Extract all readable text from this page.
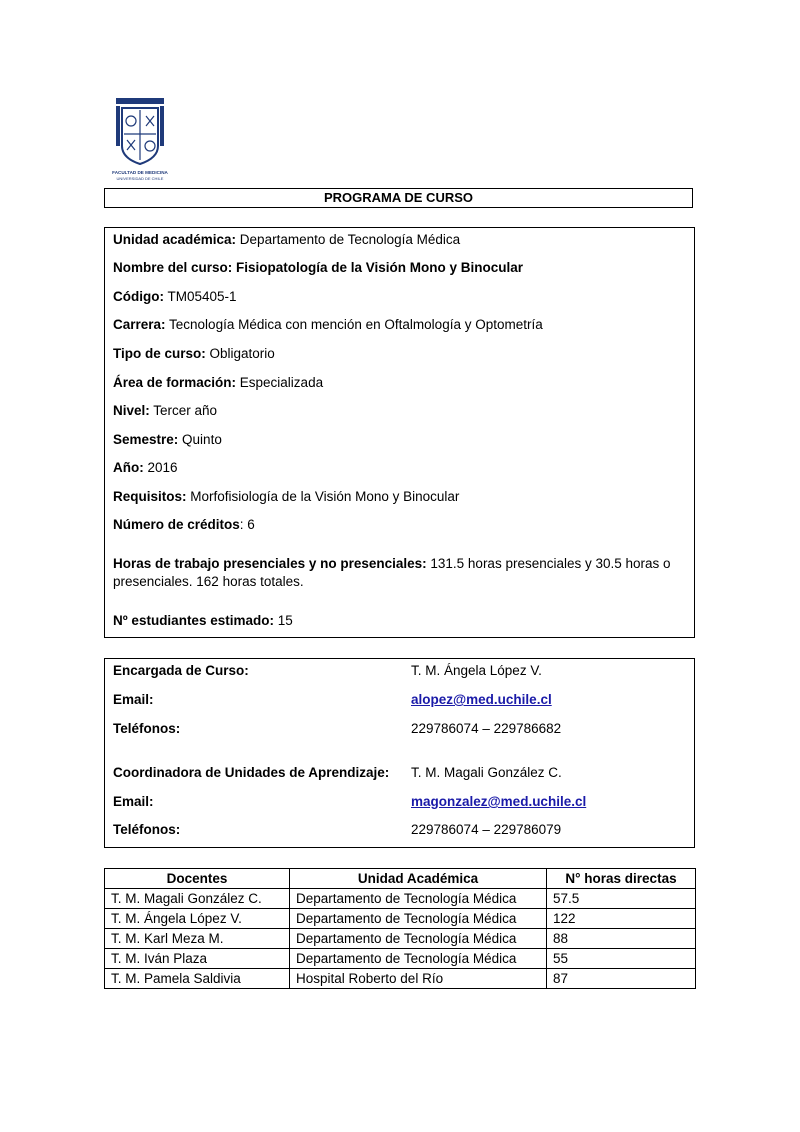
FACULTAD DE MEDICINA
UNIVERSIDAD DE CHILE
PROGRAMA DE CURSO
Unidad académica: Departamento de Tecnología Médica
Nombre del curso: Fisiopatología de la Visión Mono y Binocular
Código: TM05405-1
Carrera: Tecnología Médica con mención en Oftalmología y Optometría
Tipo de curso: Obligatorio
Área de formación: Especializada
Nivel: Tercer año
Semestre: Quinto
Año: 2016
Requisitos: Morfofisiología de la Visión Mono y Binocular
Número de créditos: 6
Horas de trabajo presenciales y no presenciales: 131.5 horas presenciales y 30.5 horas o
presenciales. 162 horas totales.
Nº estudiantes estimado: 15
Encargada de Curso:	T. M. Ángela López V.
Email:	alopez@med.uchile.cl
Teléfonos:	229786074 – 229786682
Coordinadora de Unidades de Aprendizaje: T. M. Magali González C.
Email:	magonzalez@med.uchile.cl
Teléfonos:	229786074 – 229786079
Docentes	Unidad Académica	N° horas directas
T. M. Magali González C.	Departamento de Tecnología Médica	57.5
T. M. Ángela López V.	Departamento de Tecnología Médica	122
T. M. Karl Meza M.	Departamento de Tecnología Médica	88
T. M. Iván Plaza	Departamento de Tecnología Médica	55
T. M. Pamela Saldivia	Hospital Roberto del Río	87
